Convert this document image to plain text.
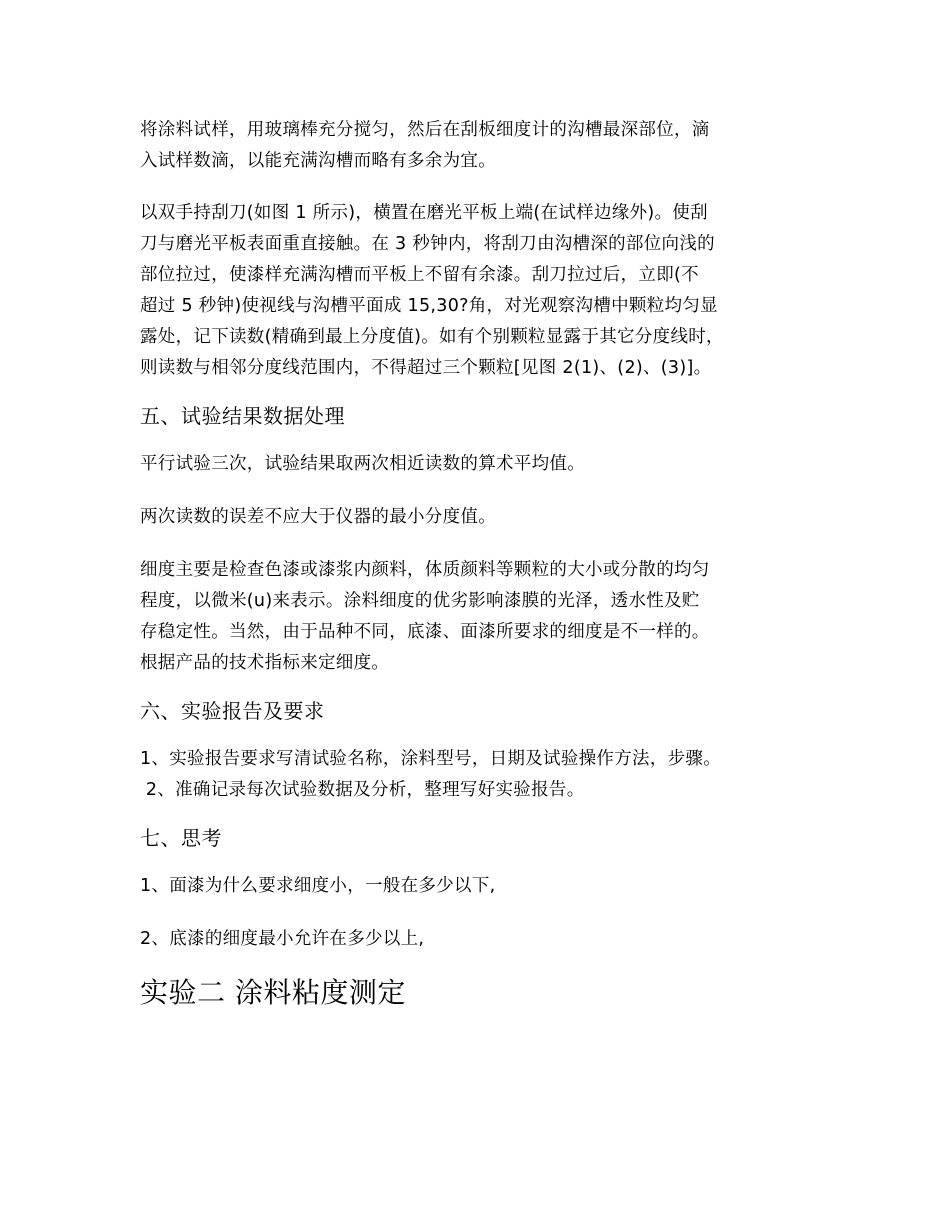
将涂料试样，用玻璃棒充分搅匀，然后在刮板细度计的沟槽最深部位，滴
入试样数滴，以能充满沟槽而略有多余为宜。

以双手持刮刀(如图 1 所示)，横置在磨光平板上端(在试样边缘外)。使刮
刀与磨光平板表面重直接触。在 3 秒钟内，将刮刀由沟槽深的部位向浅的
部位拉过，使漆样充满沟槽而平板上不留有余漆。刮刀拉过后，立即(不
超过 5 秒钟)使视线与沟槽平面成 15,30?角，对光观察沟槽中颗粒均匀显
露处，记下读数(精确到最上分度值)。如有个别颗粒显露于其它分度线时，
则读数与相邻分度线范围内，不得超过三个颗粒[见图 2(1)、(2)、(3)]。

五、试验结果数据处理

平行试验三次，试验结果取两次相近读数的算术平均值。

两次读数的误差不应大于仪器的最小分度值。

细度主要是检查色漆或漆浆内颜料，体质颜料等颗粒的大小或分散的均匀
程度，以微米(u)来表示。涂料细度的优劣影响漆膜的光泽，透水性及贮
存稳定性。当然，由于品种不同，底漆、面漆所要求的细度是不一样的。
根据产品的技术指标来定细度。

六、实验报告及要求

1、实验报告要求写清试验名称，涂料型号，日期及试验操作方法，步骤。
2、准确记录每次试验数据及分析，整理写好实验报告。

七、思考

1、面漆为什么要求细度小，一般在多少以下,

2、底漆的细度最小允许在多少以上,

实验二 涂料粘度测定
